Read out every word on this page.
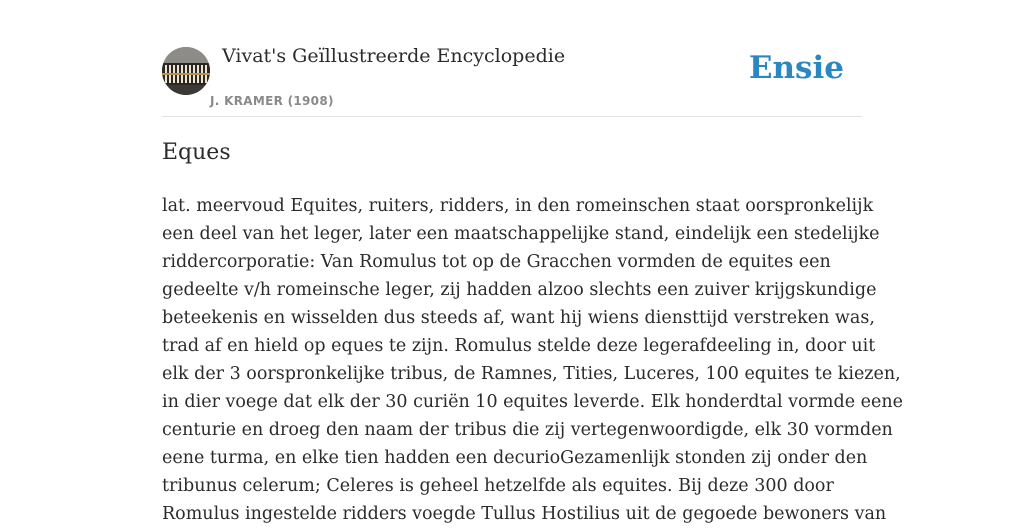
Vivat's Geïllustreerde Encyclopedie
J. KRAMER (1908)
Ensie
Eques
lat. meervoud Equites, ruiters, ridders, in den romeinschen staat oorspronkelijk
een deel van het leger, later een maatschappelijke stand, eindelijk een stedelijke
riddercorporatie: Van Romulus tot op de Gracchen vormden de equites een
gedeelte v/h romeinsche leger, zij hadden alzoo slechts een zuiver krijgskundige
beteekenis en wisselden dus steeds af, want hij wiens diensttijd verstreken was,
trad af en hield op eques te zijn. Romulus stelde deze legerafdeeling in, door uit
elk der 3 oorspronkelijke tribus, de Ramnes, Tities, Luceres, 100 equites te kiezen,
in dier voege dat elk der 30 curiën 10 equites leverde. Elk honderdtal vormde eene
centurie en droeg den naam der tribus die zij vertegenwoordigde, elk 30 vormden
eene turma, en elke tien hadden een decurioGezamenlijk stonden zij onder den
tribunus celerum; Celeres is geheel hetzelfde als equites. Bij deze 300 door
Romulus ingestelde ridders voegde Tullus Hostilius uit de gegoede bewoners van
